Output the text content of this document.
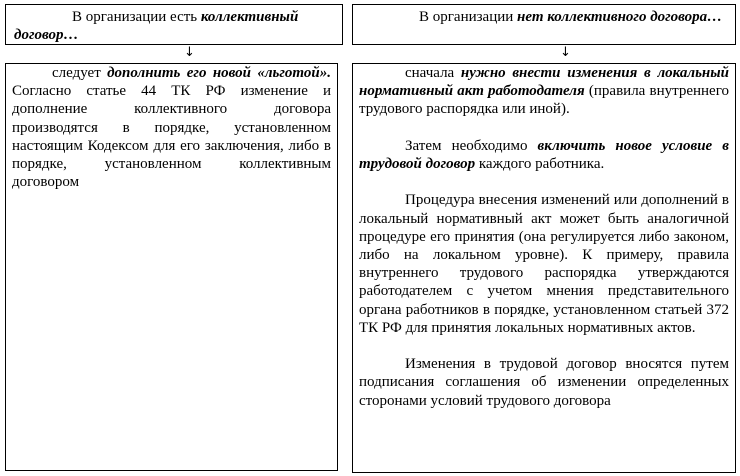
В организации есть коллективный договор…

В организации нет коллективного договора…

↓	↓

следует дополнить его новой «льготой». Согласно статье 44 ТК РФ изменение и дополнение коллективного договора производятся в порядке, установленном настоящим Кодексом для его заключения, либо в порядке, установленном коллективным договором

сначала нужно внести изменения в локальный нормативный акт работодателя (правила внутреннего трудового распорядка или иной).

Затем необходимо включить новое условие в трудовой договор каждого работника.

Процедура внесения изменений или дополнений в локальный нормативный акт может быть аналогичной процедуре его принятия (она регулируется либо законом, либо на локальном уровне). К примеру, правила внутреннего трудового распорядка утверждаются работодателем с учетом мнения представительного органа работников в порядке, установленном статьей 372 ТК РФ для принятия локальных нормативных актов.

Изменения в трудовой договор вносятся путем подписания соглашения об изменении определенных сторонами условий трудового договора
